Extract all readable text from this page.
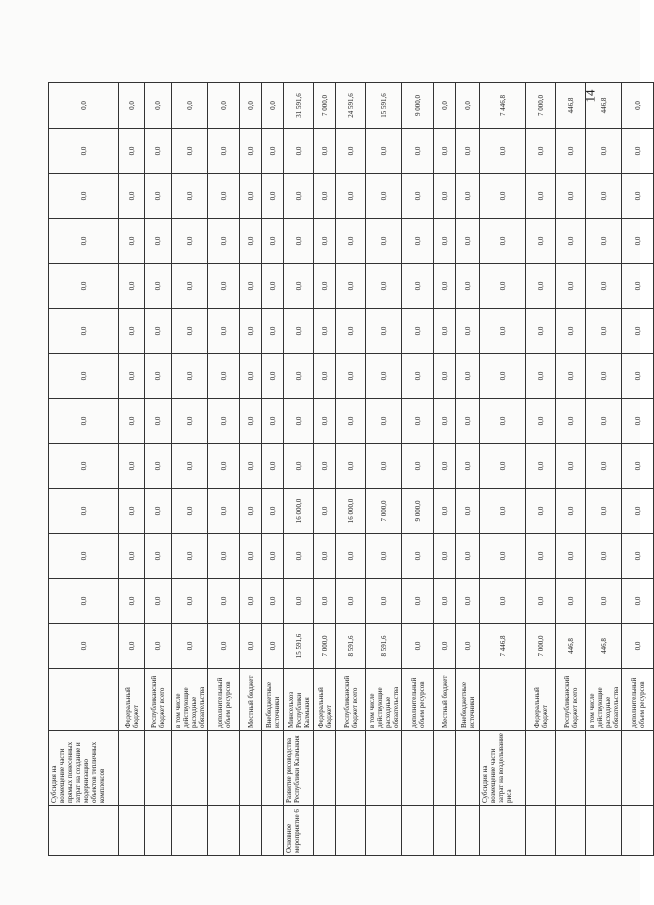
	Субсидия на возмещение части прямых понесенных затрат на создание и модернизацию объектов тепличных комплексов		0,0	0,0	0,0	0,0	0,0	0,0	0,0	0,0	0,0	0,0	0,0	0,0	0,0
		Федеральный бюджет	0,0	0,0	0,0	0,0	0,0	0,0	0,0	0,0	0,0	0,0	0,0	0,0	0,0
		Республиканский бюджет всего	0,0	0,0	0,0	0,0	0,0	0,0	0,0	0,0	0,0	0,0	0,0	0,0	0,0
		в том числе действующие расходные обязательства	0,0	0,0	0,0	0,0	0,0	0,0	0,0	0,0	0,0	0,0	0,0	0,0	0,0
		дополнительный объем ресурсов	0,0	0,0	0,0	0,0	0,0	0,0	0,0	0,0	0,0	0,0	0,0	0,0	0,0
		Местный бюджет	0,0	0,0	0,0	0,0	0,0	0,0	0,0	0,0	0,0	0,0	0,0	0,0	0,0
		Внебюджетные источники	0,0	0,0	0,0	0,0	0,0	0,0	0,0	0,0	0,0	0,0	0,0	0,0	0,0
Основное мероприятие 6	Развитие рисоводства Республики Калмыкия	Минсельхоз Республики Калмыкия	15 591,6	0,0	0,0	16 000,0	0,0	0,0	0,0	0,0	0,0	0,0	0,0	0,0	31 591,6
		Федеральный бюджет	7 000,0	0,0	0,0	0,0	0,0	0,0	0,0	0,0	0,0	0,0	0,0	0,0	7 000,0
		Республиканский бюджет всего	8 591,6	0,0	0,0	16 000,0	0,0	0,0	0,0	0,0	0,0	0,0	0,0	0,0	24 591,6
		в том числе действующие расходные обязательства	8 591,6	0,0	0,0	7 000,0	0,0	0,0	0,0	0,0	0,0	0,0	0,0	0,0	15 591,6
		дополнительный объем ресурсов	0,0	0,0	0,0	9 000,0	0,0	0,0	0,0	0,0	0,0	0,0	0,0	0,0	9 000,0
		Местный бюджет	0,0	0,0	0,0	0,0	0,0	0,0	0,0	0,0	0,0	0,0	0,0	0,0	0,0
		Внебюджетные источники	0,0	0,0	0,0	0,0	0,0	0,0	0,0	0,0	0,0	0,0	0,0	0,0	0,0
	Субсидия на возмещение части затрат на возделывание риса		7 446,8	0,0	0,0	0,0	0,0	0,0	0,0	0,0	0,0	0,0	0,0	0,0	7 446,8
		Федеральный бюджет	7 000,0	0,0	0,0	0,0	0,0	0,0	0,0	0,0	0,0	0,0	0,0	0,0	7 000,0
		Республиканский бюджет всего	446,8	0,0	0,0	0,0	0,0	0,0	0,0	0,0	0,0	0,0	0,0	0,0	446,8
		в том числе действующие расходные обязательства	446,8	0,0	0,0	0,0	0,0	0,0	0,0	0,0	0,0	0,0	0,0	0,0	446,8
		дополнительный объем ресурсов	0,0	0,0	0,0	0,0	0,0	0,0	0,0	0,0	0,0	0,0	0,0	0,0	0,0
14
